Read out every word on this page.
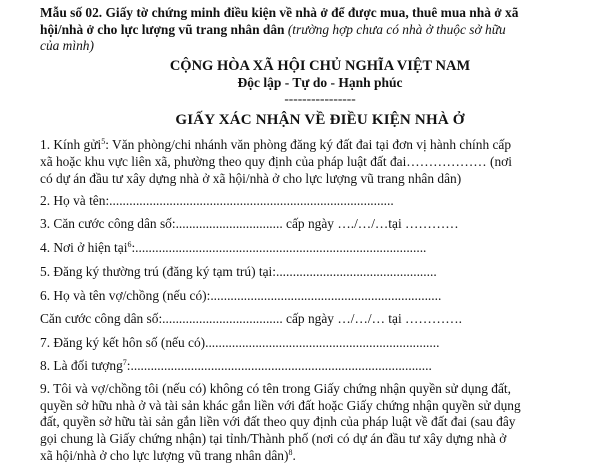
Mẫu số 02. Giấy tờ chứng minh điều kiện về nhà ở để được mua, thuê mua nhà ở xã
hội/nhà ở cho lực lượng vũ trang nhân dân (trường hợp chưa có nhà ở thuộc sở hữu
của mình)
CỘNG HÒA XÃ HỘI CHỦ NGHĨA VIỆT NAM
Độc lập - Tự do - Hạnh phúc
----------------
GIẤY XÁC NHẬN VỀ ĐIỀU KIỆN NHÀ Ở
1. Kính gửi$^5$: Văn phòng/chi nhánh văn phòng đăng ký đất đai tại đơn vị hành chính cấp
xã hoặc khu vực liên xã, phường theo quy định của pháp luật đất đai……………… (nơi
có dự án đầu tư xây dựng nhà ở xã hội/nhà ở cho lực lượng vũ trang nhân dân)
2. Họ và tên:.....................................................................................
3. Căn cước công dân số:................................ cấp ngày …./…/…tại …………
4. Nơi ở hiện tại$^6$:.......................................................................................
5. Đăng ký thường trú (đăng ký tạm trú) tại:................................................
6. Họ và tên vợ/chồng (nếu có):.....................................................................
Căn cước công dân số:.................................... cấp ngày …/…/… tại ………….
7. Đăng ký kết hôn số (nếu có)......................................................................
8. Là đối tượng$^7$:..........................................................................................
9. Tôi và vợ/chồng tôi (nếu có) không có tên trong Giấy chứng nhận quyền sử dụng đất,
quyền sở hữu nhà ở và tài sản khác gắn liền với đất hoặc Giấy chứng nhận quyền sử dụng
đất, quyền sở hữu tài sản gắn liền với đất theo quy định của pháp luật về đất đai (sau đây
gọi chung là Giấy chứng nhận) tại tỉnh/Thành phố (nơi có dự án đầu tư xây dựng nhà ở
xã hội/nhà ở cho lực lượng vũ trang nhân dân)$^8$.
